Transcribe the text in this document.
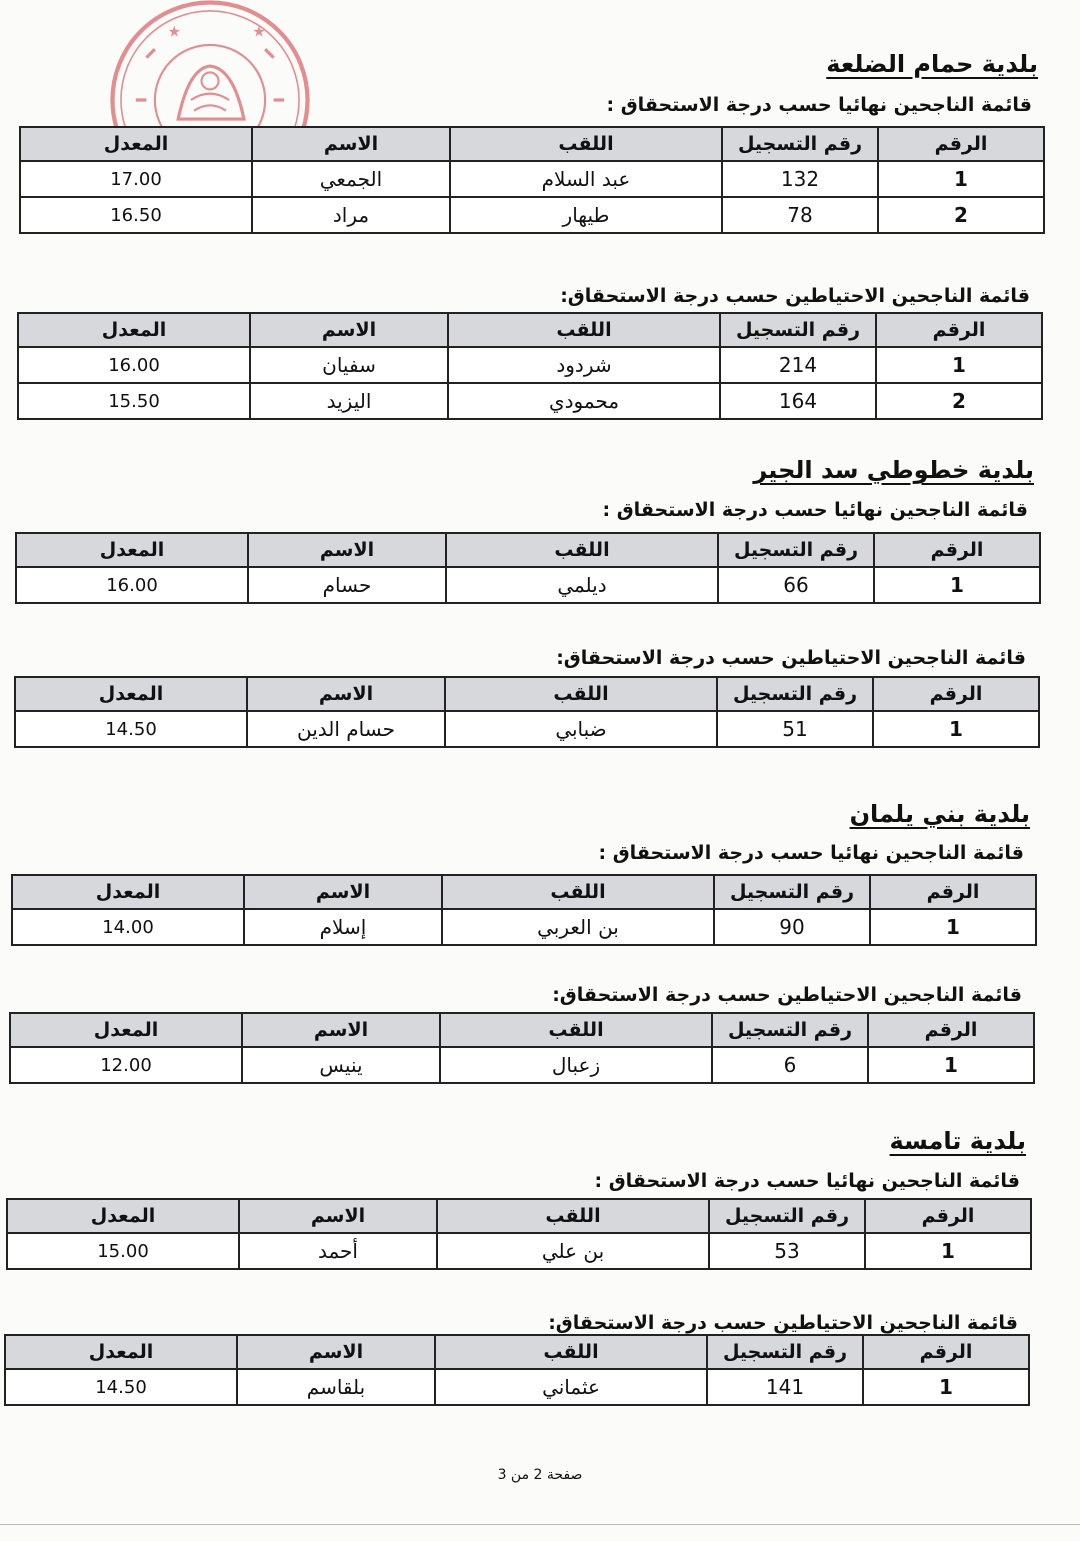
★	★
بلدية حمام الضلعة
قائمة الناجحين نهائيا حسب درجة الاستحقاق :
الرقم	رقم التسجيل	اللقب	الاسم	المعدل
1	132	عبد السلام	الجمعي	17.00
2	78	طيهار	مراد	16.50
قائمة الناجحين الاحتياطين حسب درجة الاستحقاق:
الرقم	رقم التسجيل	اللقب	الاسم	المعدل
1	214	شردود	سفيان	16.00
2	164	محمودي	اليزيد	15.50
بلدية خطوطي سد الجير
قائمة الناجحين نهائيا حسب درجة الاستحقاق :
الرقم	رقم التسجيل	اللقب	الاسم	المعدل
1	66	ديلمي	حسام	16.00
قائمة الناجحين الاحتياطين حسب درجة الاستحقاق:
الرقم	رقم التسجيل	اللقب	الاسم	المعدل
1	51	ضبابي	حسام الدين	14.50
بلدية بني يلمان
قائمة الناجحين نهائيا حسب درجة الاستحقاق :
الرقم	رقم التسجيل	اللقب	الاسم	المعدل
1	90	بن العربي	إسلام	14.00
قائمة الناجحين الاحتياطين حسب درجة الاستحقاق:
الرقم	رقم التسجيل	اللقب	الاسم	المعدل
1	6	زعبال	ينيس	12.00
بلدية تامسة
قائمة الناجحين نهائيا حسب درجة الاستحقاق :
الرقم	رقم التسجيل	اللقب	الاسم	المعدل
1	53	بن علي	أحمد	15.00
قائمة الناجحين الاحتياطين حسب درجة الاستحقاق:
الرقم	رقم التسجيل	اللقب	الاسم	المعدل
1	141	عثماني	بلقاسم	14.50
صفحة 2 من 3
